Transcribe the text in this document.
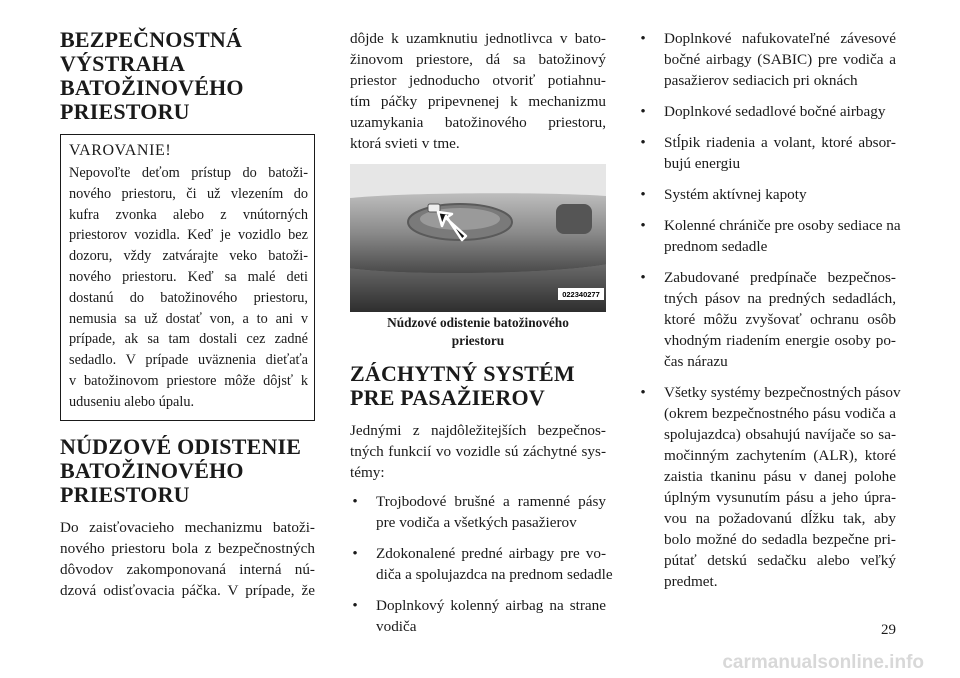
BEZPEČNOSTNÁ
VÝSTRAHA
BATOŽINOVÉHO
PRIESTORU
VAROVANIE!
Nepovoľte deťom prístup do batoži-
nového priestoru, či už vlezením do
kufra zvonka alebo z vnútorných
priestorov vozidla. Keď je vozidlo bez
dozoru, vždy zatvárajte veko batoži-
nového priestoru. Keď sa malé deti
dostanú do batožinového priestoru,
nemusia sa už dostať von, a to ani v
prípade, ak sa tam dostali cez zadné
sedadlo. V prípade uväznenia dieťaťa
v batožinovom priestore môže dôjsť k
uduseniu alebo úpalu.
NÚDZOVÉ ODISTENIE
BATOŽINOVÉHO
PRIESTORU

Do zaisťovacieho mechanizmu batoži-
nového priestoru bola z bezpečnostných
dôvodov zakomponovaná interná nú-
dzová odisťovacia páčka. V prípade, že

dôjde k uzamknutiu jednotlivca v bato-
žinovom priestore, dá sa batožinový
priestor jednoducho otvoriť potiahnu-
tím páčky pripevnenej k mechanizmu
uzamykania batožinového priestoru,
ktorá svieti v tme.

022340277
Núdzové odistenie batožinového
priestoru
ZÁCHYTNÝ SYSTÉM
PRE PASAŽIEROV

Jednými z najdôležitejších bezpečnos-
tných funkcií vo vozidle sú záchytné sys-
témy:

• Trojbodové brušné a ramenné pásy
pre vodiča a všetkých pasažierov
• Zdokonalené predné airbagy pre vo-
diča a spolujazdca na prednom sedadle
• Doplnkový kolenný airbag na strane
vodiča
• Doplnkové nafukovateľné závesové
bočné airbagy (SABIC) pre vodiča a
pasažierov sediacich pri oknách
• Doplnkové sedadlové bočné airbagy
• Stĺpik riadenia a volant, ktoré absor-
bujú energiu
• Systém aktívnej kapoty
• Kolenné chrániče pre osoby sediace na
prednom sedadle
• Zabudované predpínače bezpečnos-
tných pásov na predných sedadlách,
ktoré môžu zvyšovať ochranu osôb
vhodným riadením energie osoby po-
čas nárazu
• Všetky systémy bezpečnostných pásov
(okrem bezpečnostného pásu vodiča a
spolujazdca) obsahujú navíjače so sa-
močinným zachytením (ALR), ktoré
zaistia tkaninu pásu v danej polohe
úplným vysunutím pásu a jeho úpra-
vou na požadovanú dĺžku tak, aby
bolo možné do sedadla bezpečne pri-
pútať detskú sedačku alebo veľký
predmet.
29
carmanualsonline.info
